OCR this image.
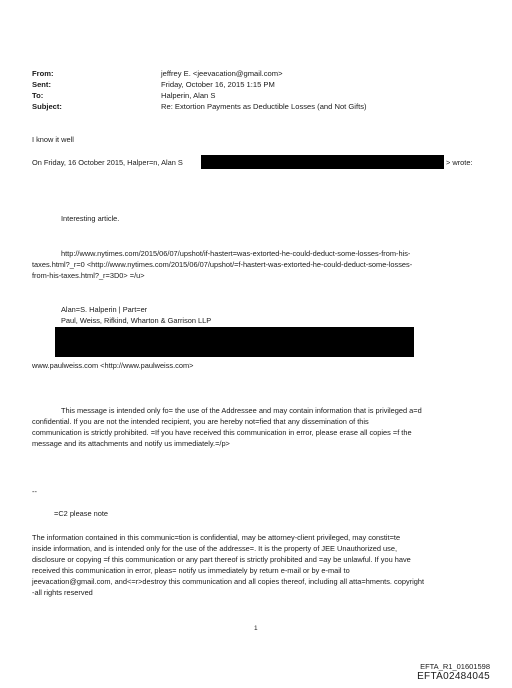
From:	jeffrey E. <jeevacation@gmail.com>
Sent:	Friday, October 16, 2015 1:15 PM
To:	Halperin, Alan S
Subject:	Re: Extortion Payments as Deductible Losses (and Not Gifts)
I know it well
On Friday, 16 October 2015, Halper=n, Alan S	> wrote:
Interesting article.
http://www.nytimes.com/2015/06/07/upshot/if-hastert=was-extorted-he-could-deduct-some-losses-from-his-
taxes.html?_r=0 <http://www.nytimes.com/2015/06/07/upshot/=f-hastert-was-extorted-he-could-deduct-some-losses-
from-his-taxes.html?_r=3D0> =/u>
Alan=S. Halperin | Part=er
Paul, Weiss, Rifkind, Wharton & Garrison LLP
www.paulweiss.com <http://www.paulweiss.com>
This message is intended only fo= the use of the Addressee and may contain information that is privileged a=d
confidential. If you are not the intended recipient, you are hereby not=fied that any dissemination of this
communication is strictly prohibited. =If you have received this communication in error, please erase all copies =f the
message and its attachments and notify us immediately.=/p>
--
=C2 please note
The information contained in this communic=tion is confidential, may be attorney-client privileged, may constit=te
inside information, and is intended only for the use of the addresse=. It is the property of JEE Unauthorized use,
disclosure or copying =f this communication or any part thereof is strictly prohibited and =ay be unlawful. If you have
received this communication in error, pleas= notify us immediately by return e-mail or by e-mail to
jeevacation@gmail.com, and<=r>destroy this communication and all copies thereof, including all atta=hments. copyright
-all rights reserved
1
EFTA_R1_01601598
EFTA02484045
